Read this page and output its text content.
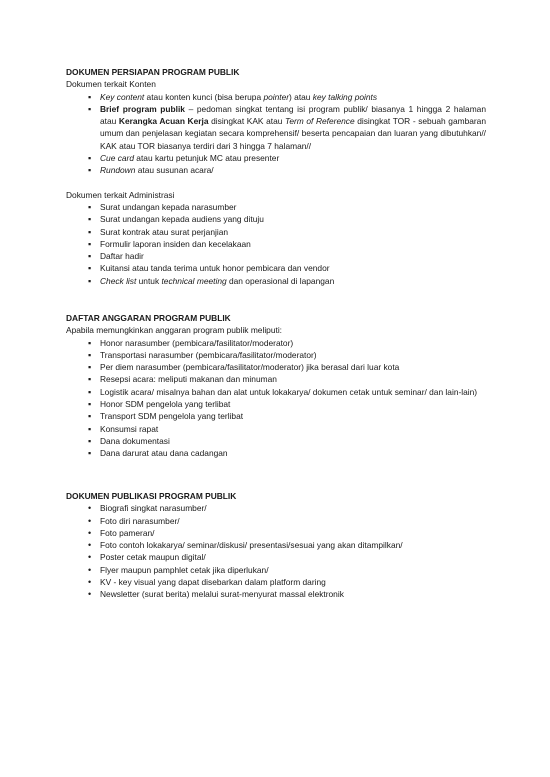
DOKUMEN PERSIAPAN PROGRAM PUBLIK
Dokumen terkait Konten
▪
Key content atau konten kunci (bisa berupa pointer) atau key talking points
▪
Brief program publik – pedoman singkat tentang isi program publik/ biasanya 1 hingga 2 halaman atau Kerangka Acuan Kerja disingkat KAK atau Term of Reference disingkat TOR - sebuah gambaran umum dan penjelasan kegiatan secara komprehensif/ beserta pencapaian dan luaran yang dibutuhkan// KAK atau TOR biasanya terdiri dari 3 hingga 7 halaman//
▪
Cue card atau kartu petunjuk MC atau presenter
▪
Rundown atau susunan acara/
Dokumen terkait Administrasi
▪
Surat undangan kepada narasumber
▪
Surat undangan kepada audiens yang dituju
▪
Surat kontrak atau surat perjanjian
▪
Formulir laporan insiden dan kecelakaan
▪
Daftar hadir
▪
Kuitansi atau tanda terima untuk honor pembicara dan vendor
▪
Check list untuk technical meeting dan operasional di lapangan
DAFTAR ANGGARAN PROGRAM PUBLIK
Apabila memungkinkan anggaran program publik meliputi:
▪
Honor narasumber (pembicara/fasilitator/moderator)
▪
Transportasi narasumber (pembicara/fasilitator/moderator)
▪
Per diem narasumber (pembicara/fasilitator/moderator) jika berasal dari luar kota
▪
Resepsi acara: meliputi makanan dan minuman
▪
Logistik acara/ misalnya bahan dan alat untuk lokakarya/ dokumen cetak untuk seminar/ dan lain-lain)
▪
Honor SDM pengelola yang terlibat
▪
Transport SDM pengelola yang terlibat
▪
Konsumsi rapat
▪
Dana dokumentasi
▪
Dana darurat atau dana cadangan
DOKUMEN PUBLIKASI PROGRAM PUBLIK
•
Biografi singkat narasumber/
•
Foto diri narasumber/
•
Foto pameran/
•
Foto contoh lokakarya/ seminar/diskusi/ presentasi/sesuai yang akan ditampilkan/
•
Poster cetak maupun digital/
•
Flyer maupun pamphlet cetak jika diperlukan/
•
KV - key visual yang dapat disebarkan dalam platform daring
•
Newsletter (surat berita) melalui surat-menyurat massal elektronik
